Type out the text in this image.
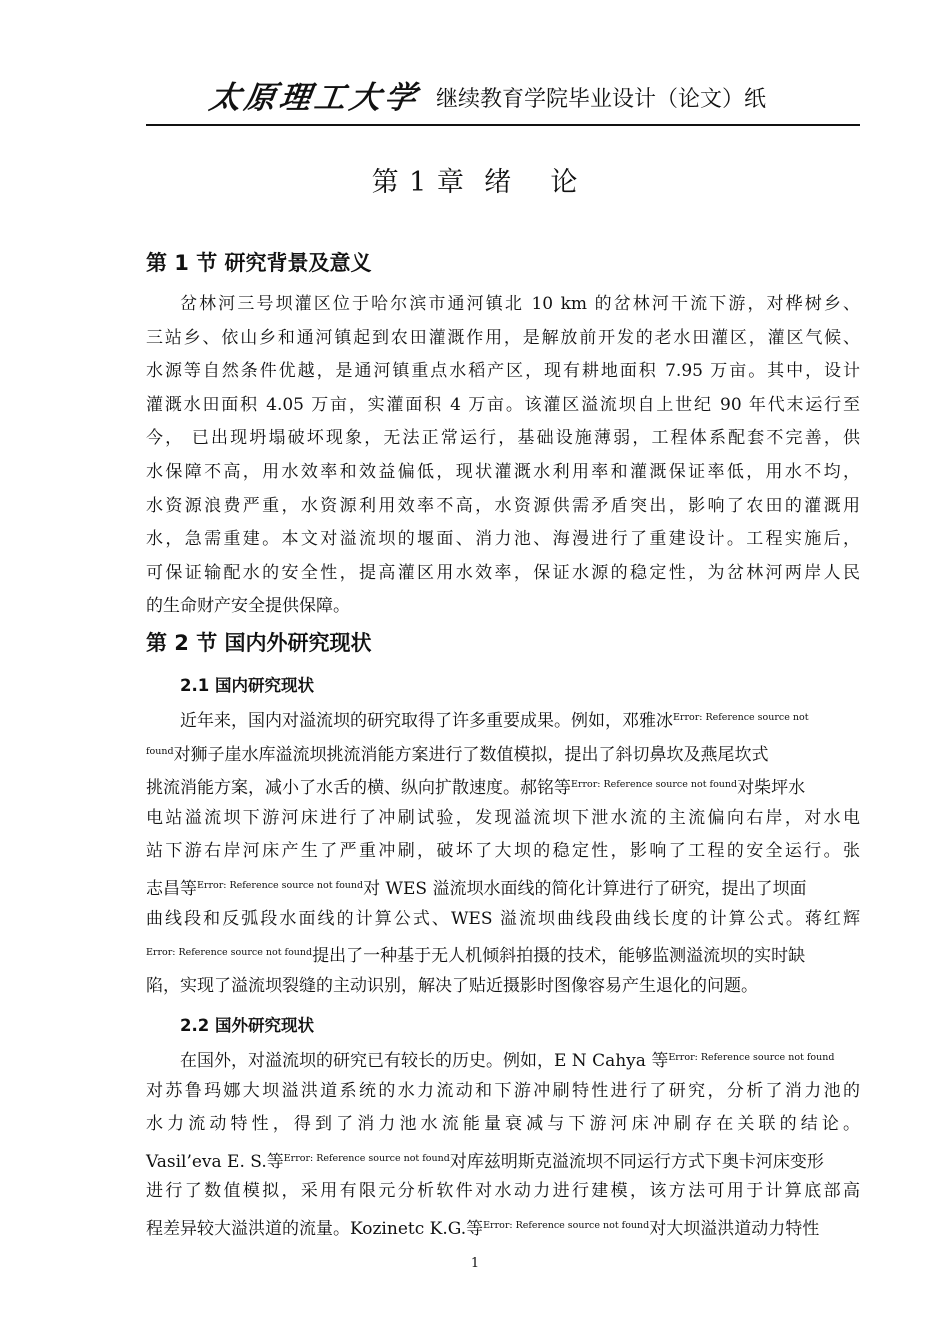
太原理工大学 继续教育学院毕业设计（论文）纸
第 1 章  绪    论
第 1 节 研究背景及意义
岔林河三号坝灌区位于哈尔滨市通河镇北 10 km 的岔林河干流下游，对桦树乡、
三站乡、依山乡和通河镇起到农田灌溉作用，是解放前开发的老水田灌区，灌区气候、
水源等自然条件优越，是通河镇重点水稻产区，现有耕地面积 7.95 万亩。其中，设计
灌溉水田面积 4.05 万亩，实灌面积 4 万亩。该灌区溢流坝自上世纪 90 年代末运行至
今， 已出现坍塌破坏现象，无法正常运行，基础设施薄弱，工程体系配套不完善，供
水保障不高，用水效率和效益偏低，现状灌溉水利用率和灌溉保证率低，用水不均，
水资源浪费严重，水资源利用效率不高，水资源供需矛盾突出，影响了农田的灌溉用
水，急需重建。本文对溢流坝的堰面、消力池、海漫进行了重建设计。工程实施后，
可保证输配水的安全性，提高灌区用水效率，保证水源的稳定性，为岔林河两岸人民
的生命财产安全提供保障。
第 2 节 国内外研究现状
2.1 国内研究现状
近年来，国内对溢流坝的研究取得了许多重要成果。例如，邓雅冰$^{Error: Reference source not}$
$^{found}$对狮子崖水库溢流坝挑流消能方案进行了数值模拟，提出了斜切鼻坎及燕尾坎式
挑流消能方案，减小了水舌的横、纵向扩散速度。郝铭等$^{Error: Reference source not found}$对柴坪水
电站溢流坝下游河床进行了冲刷试验，发现溢流坝下泄水流的主流偏向右岸，对水电
站下游右岸河床产生了严重冲刷，破坏了大坝的稳定性，影响了工程的安全运行。张
志昌等$^{Error: Reference source not found}$对 WES 溢流坝水面线的简化计算进行了研究，提出了坝面
曲线段和反弧段水面线的计算公式、WES 溢流坝曲线段曲线长度的计算公式。蒋红辉
$^{Error: Reference source not found}$提出了一种基于无人机倾斜拍摄的技术，能够监测溢流坝的实时缺
陷，实现了溢流坝裂缝的主动识别，解决了贴近摄影时图像容易产生退化的问题。
2.2 国外研究现状
在国外，对溢流坝的研究已有较长的历史。例如，E N Cahya 等$^{Error: Reference source not found}$
对苏鲁玛娜大坝溢洪道系统的水力流动和下游冲刷特性进行了研究，分析了消力池的
水力流动特性，得到了消力池水流能量衰减与下游河床冲刷存在关联的结论。
Vasil’eva E. S.等$^{Error: Reference source not found}$对库兹明斯克溢流坝不同运行方式下奥卡河床变形
进行了数值模拟，采用有限元分析软件对水动力进行建模，该方法可用于计算底部高
程差异较大溢洪道的流量。Kozinetc K.G.等$^{Error: Reference source not found}$对大坝溢洪道动力特性
1
